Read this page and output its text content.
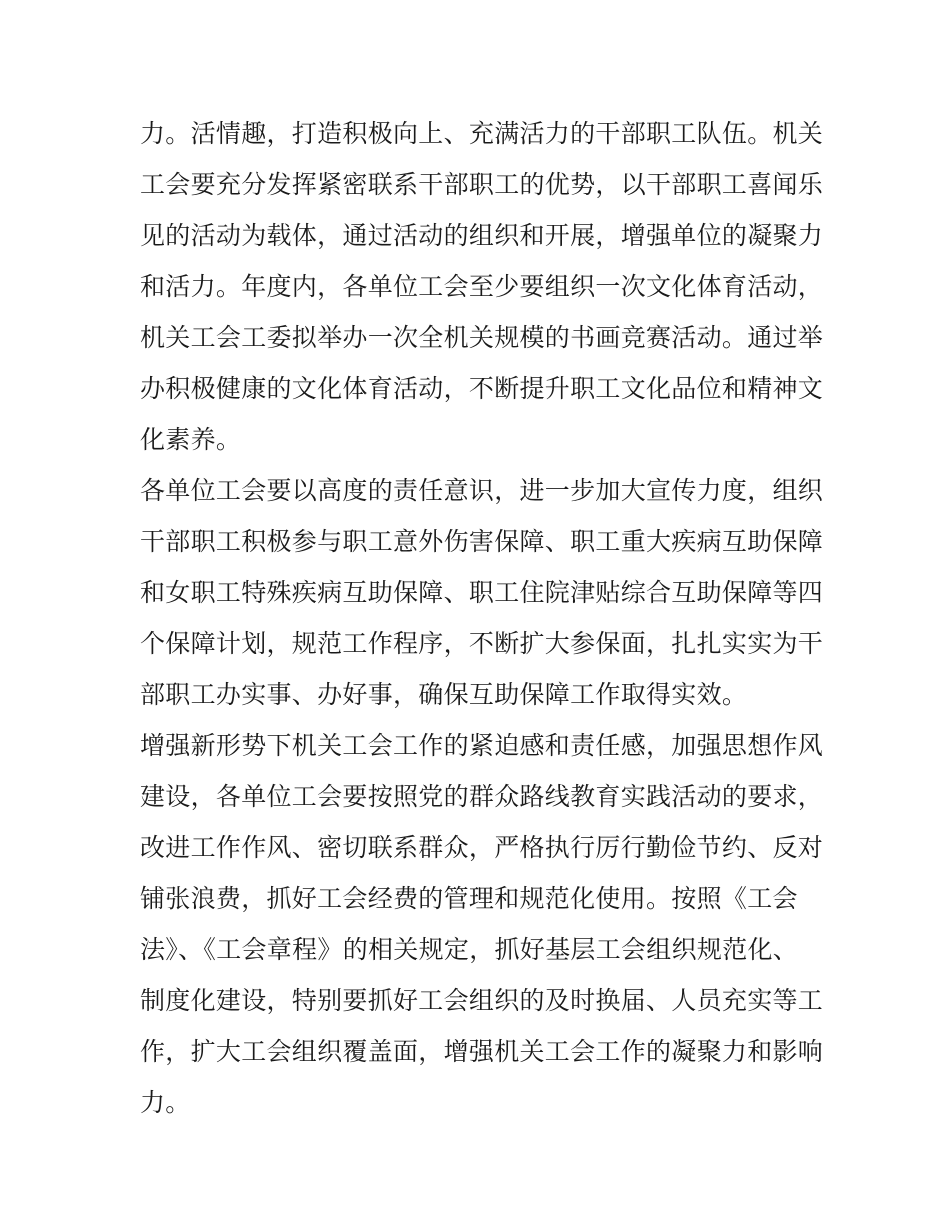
力。活情趣，打造积极向上、充满活力的干部职工队伍。机关
工会要充分发挥紧密联系干部职工的优势，以干部职工喜闻乐
见的活动为载体，通过活动的组织和开展，增强单位的凝聚力
和活力。年度内，各单位工会至少要组织一次文化体育活动，
机关工会工委拟举办一次全机关规模的书画竞赛活动。通过举
办积极健康的文化体育活动，不断提升职工文化品位和精神文
化素养。
各单位工会要以高度的责任意识，进一步加大宣传力度，组织
干部职工积极参与职工意外伤害保障、职工重大疾病互助保障
和女职工特殊疾病互助保障、职工住院津贴综合互助保障等四
个保障计划，规范工作程序，不断扩大参保面，扎扎实实为干
部职工办实事、办好事，确保互助保障工作取得实效。
增强新形势下机关工会工作的紧迫感和责任感，加强思想作风
建设，各单位工会要按照党的群众路线教育实践活动的要求，
改进工作作风、密切联系群众，严格执行厉行勤俭节约、反对
铺张浪费，抓好工会经费的管理和规范化使用。按照《工会
法》、《工会章程》的相关规定，抓好基层工会组织规范化、
制度化建设，特别要抓好工会组织的及时换届、人员充实等工
作，扩大工会组织覆盖面，增强机关工会工作的凝聚力和影响
力。
